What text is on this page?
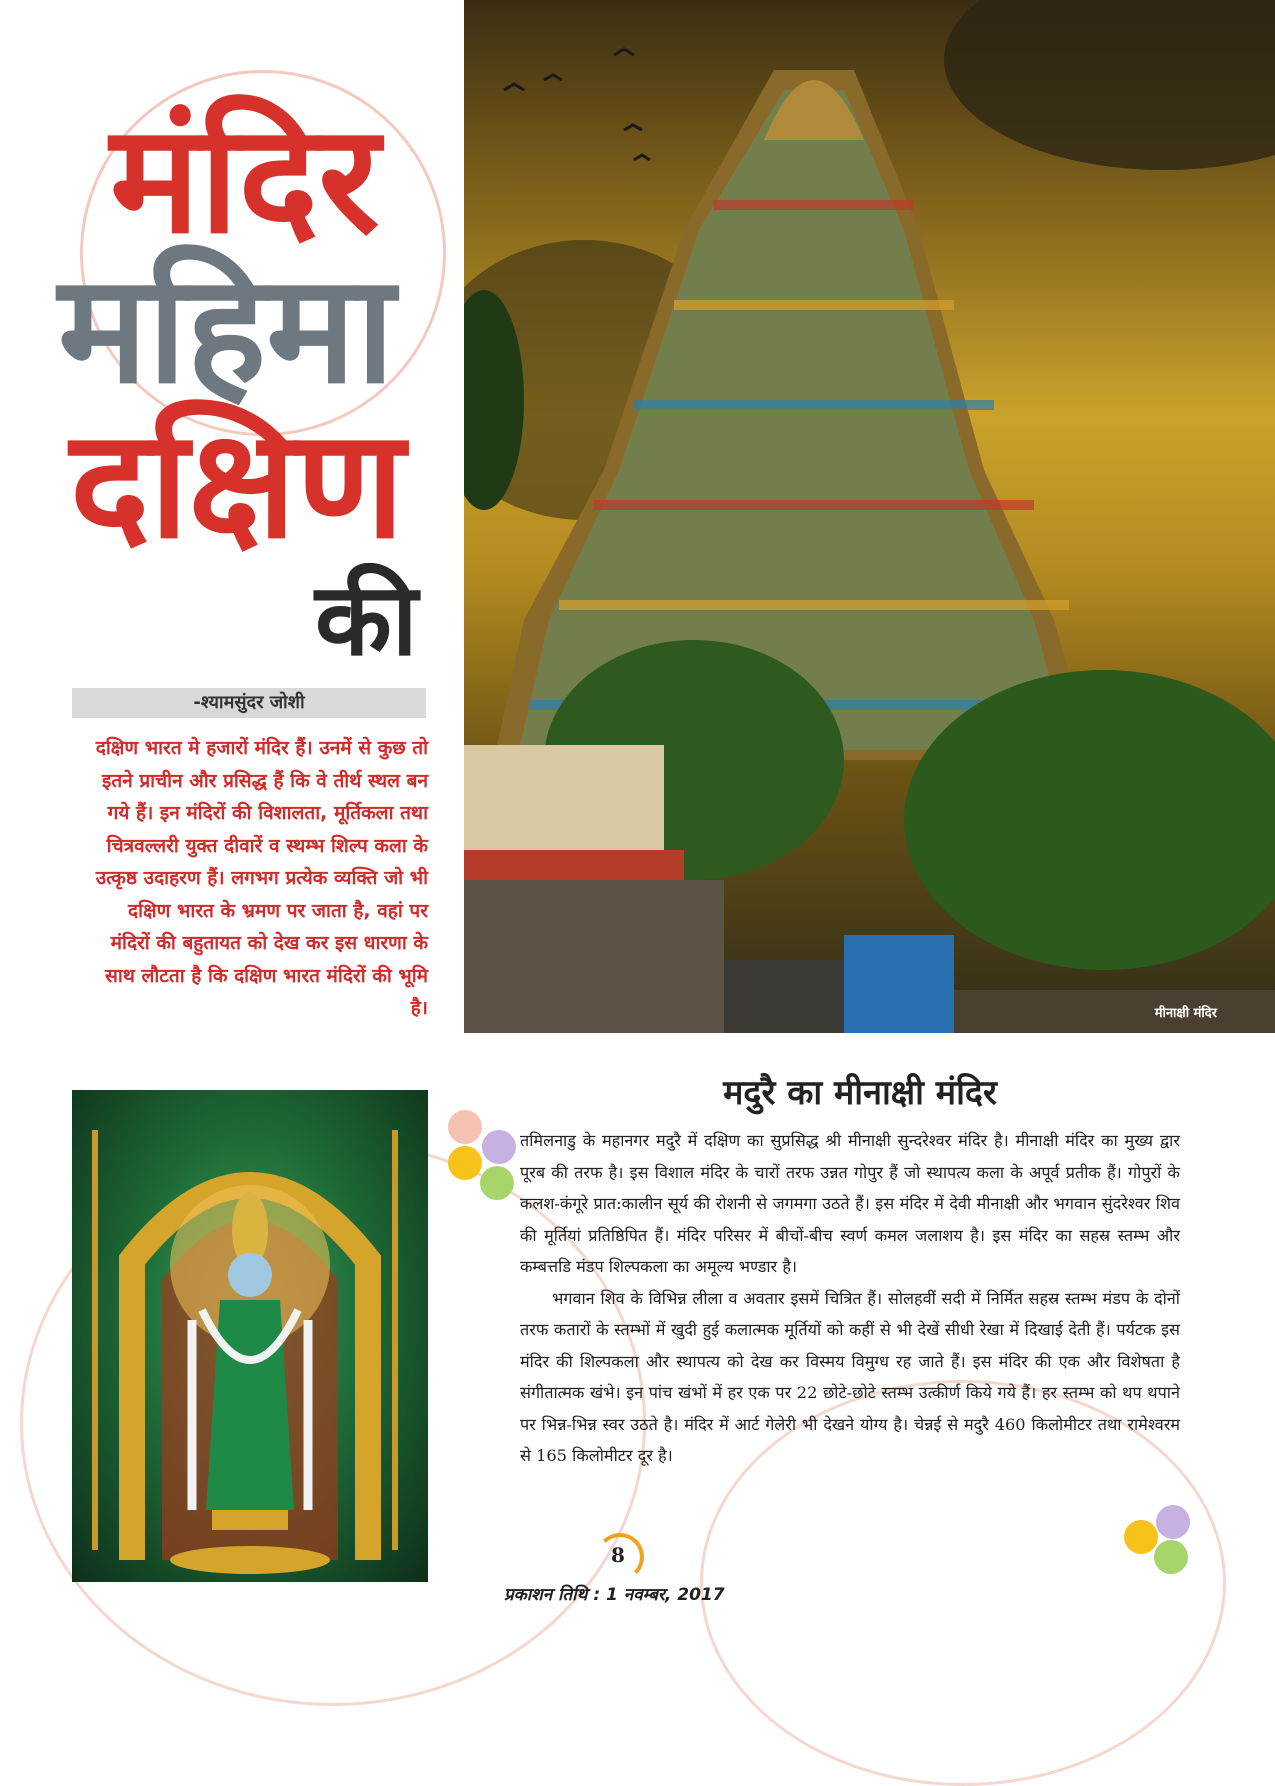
मंदिर
महिमा
दक्षिण
की
-श्यामसुंदर जोशी
दक्षिण भारत मे हजारों मंदिर हैं। उनमें से कुछ तो इतने प्राचीन और प्रसिद्ध हैं कि वे तीर्थ स्थल बन गये हैं। इन मंदिरों की विशालता, मूर्तिकला तथा चित्रवल्लरी युक्त दीवारें व स्थम्भ शिल्प कला के उत्कृष्ठ उदाहरण हैं। लगभग प्रत्येक व्यक्ति जो भी दक्षिण भारत के भ्रमण पर जाता है, वहां पर मंदिरों की बहुतायत को देख कर इस धारणा के साथ लौटता है कि दक्षिण भारत मंदिरों की भूमि है।	मीनाक्षी मंदिर
मदुरै का मीनाक्षी मंदिर

तमिलनाडु के महानगर मदुरै में दक्षिण का सुप्रसिद्ध श्री मीनाक्षी सुन्दरेश्वर मंदिर है। मीनाक्षी मंदिर का मुख्य द्वार पूरब की तरफ है। इस विशाल मंदिर के चारों तरफ उन्नत गोपुर हैं जो स्थापत्य कला के अपूर्व प्रतीक हैं। गोपुरों के कलश-कंगूरे प्रात:कालीन सूर्य की रोशनी से जगमगा उठते हैं। इस मंदिर में देवी मीनाक्षी और भगवान सुंदरेश्वर शिव की मूर्तियां प्रतिष्ठिपित हैं। मंदिर परिसर में बीचों-बीच स्वर्ण कमल जलाशय है। इस मंदिर का सहस्र स्तम्भ और कम्बत्तडि मंडप शिल्पकला का अमूल्य भण्डार है।

भगवान शिव के विभिन्न लीला व अवतार इसमें चित्रित हैं। सोलहवीं सदी में निर्मित सहस्र स्तम्भ मंडप के दोनों तरफ कतारों के स्तम्भों में खुदी हुई कलात्मक मूर्तियों को कहीं से भी देखें सीधी रेखा में दिखाई देती हैं। पर्यटक इस मंदिर की शिल्पकला और स्थापत्य को देख कर विस्मय विमुग्ध रह जाते हैं। इस मंदिर की एक और विशेषता है संगीतात्मक खंभे। इन पांच खंभों में हर एक पर 22 छोटे-छोटे स्तम्भ उत्कीर्ण किये गये हैं। हर स्तम्भ को थप थपाने पर भिन्न-भिन्न स्वर उठते है। मंदिर में आर्ट गेलेरी भी देखने योग्य है। चेन्नई से मदुरै 460 किलोमीटर तथा रामेश्वरम से 165 किलोमीटर दूर है।

8
प्रकाशन तिथि : 1 नवम्बर, 2017
